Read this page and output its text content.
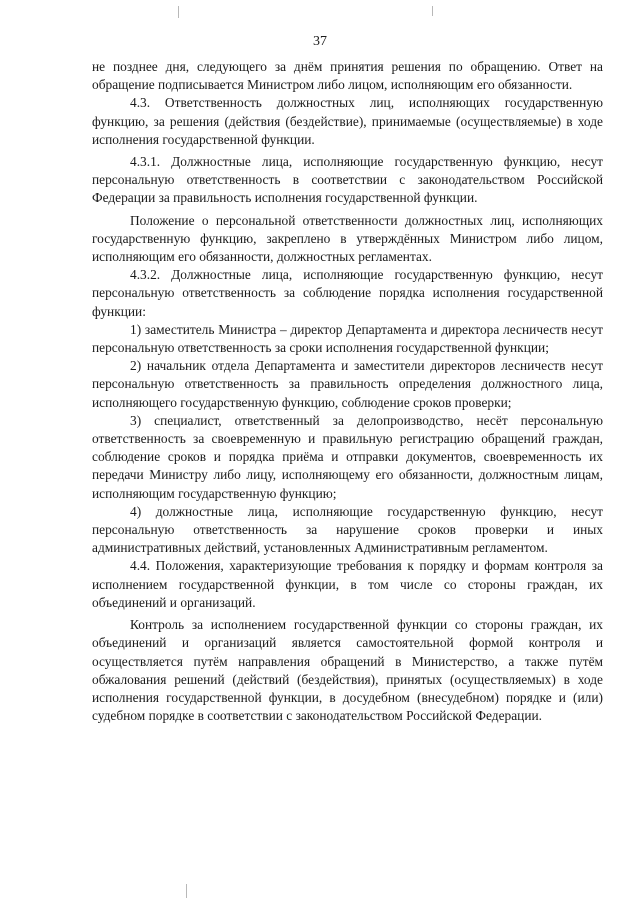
37

не позднее дня, следующего за днём принятия решения по обращению. Ответ на обращение подписывается Министром либо лицом, исполняющим его обязанности.

4.3. Ответственность должностных лиц, исполняющих государственную функцию, за решения (действия (бездействие), принимаемые (осуществляемые) в ходе исполнения государственной функции.

4.3.1. Должностные лица, исполняющие государственную функцию, несут персональную ответственность в соответствии с законодательством Российской Федерации за правильность исполнения государственной функции.

Положение о персональной ответственности должностных лиц, исполняющих государственную функцию, закреплено в утверждённых Министром либо лицом, исполняющим его обязанности, должностных регламентах.

4.3.2. Должностные лица, исполняющие государственную функцию, несут персональную ответственность за соблюдение порядка исполнения государственной функции:

1) заместитель Министра – директор Департамента и директора лесничеств несут персональную ответственность за сроки исполнения государственной функции;

2) начальник отдела Департамента и заместители директоров лесничеств несут персональную ответственность за правильность определения должностного лица, исполняющего государственную функцию, соблюдение сроков проверки;

3) специалист, ответственный за делопроизводство, несёт персональную ответственность за своевременную и правильную регистрацию обращений граждан, соблюдение сроков и порядка приёма и отправки документов, своевременность их передачи Министру либо лицу, исполняющему его обязанности, должностным лицам, исполняющим государственную функцию;

4) должностные лица, исполняющие государственную функцию, несут персональную ответственность за нарушение сроков проверки и иных административных действий, установленных Административным регламентом.

4.4. Положения, характеризующие требования к порядку и формам контроля за исполнением государственной функции, в том числе со стороны граждан, их объединений и организаций.

Контроль за исполнением государственной функции со стороны граждан, их объединений и организаций является самостоятельной формой контроля и осуществляется путём направления обращений в Министерство, а также путём обжалования решений (действий (бездействия), принятых (осуществляемых) в ходе исполнения государственной функции, в досудебном (внесудебном) порядке и (или) судебном порядке в соответствии с законодательством Российской Федерации.
